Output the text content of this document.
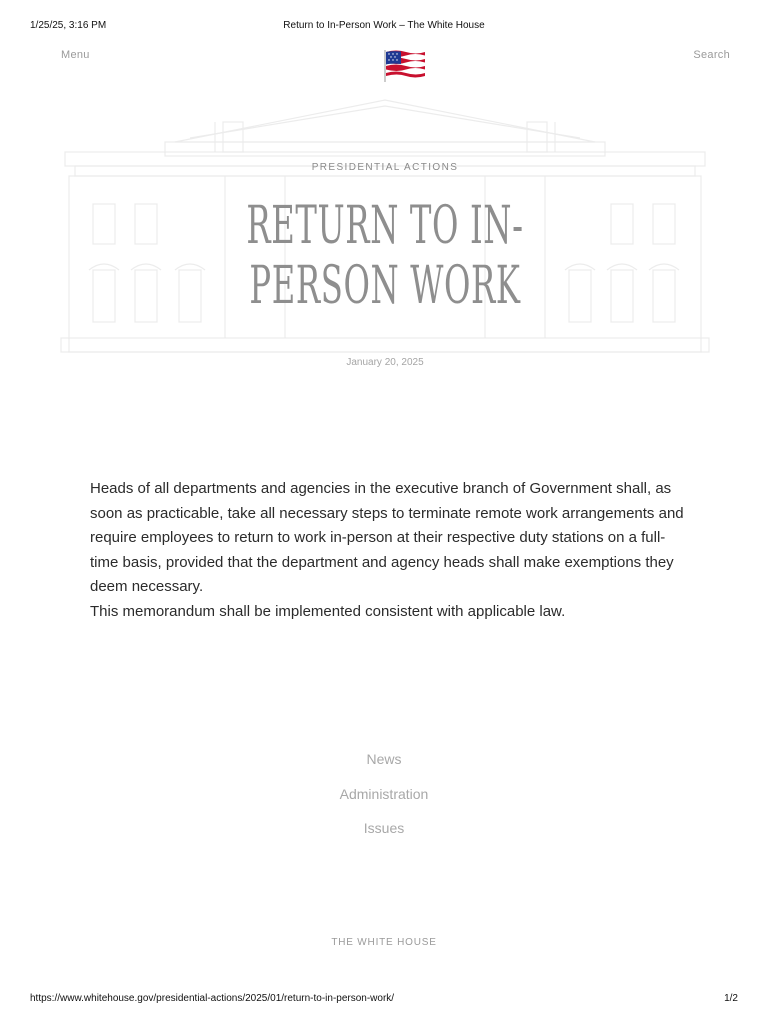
1/25/25, 3:16 PM	Return to In-Person Work – The White House
Menu	Search
PRESIDENTIAL ACTIONS
RETURN TO IN-
PERSON WORK
January 20, 2025

Heads of all departments and agencies in the executive branch of Government shall, as soon as practicable, take all necessary steps to terminate remote work arrangements and require employees to return to work in-person at their respective duty stations on a full-time basis, provided that the department and agency heads shall make exemptions they deem necessary.

This memorandum shall be implemented consistent with applicable law.

News
Administration
Issues
THE WHITE HOUSE
https://www.whitehouse.gov/presidential-actions/2025/01/return-to-in-person-work/	1/2
